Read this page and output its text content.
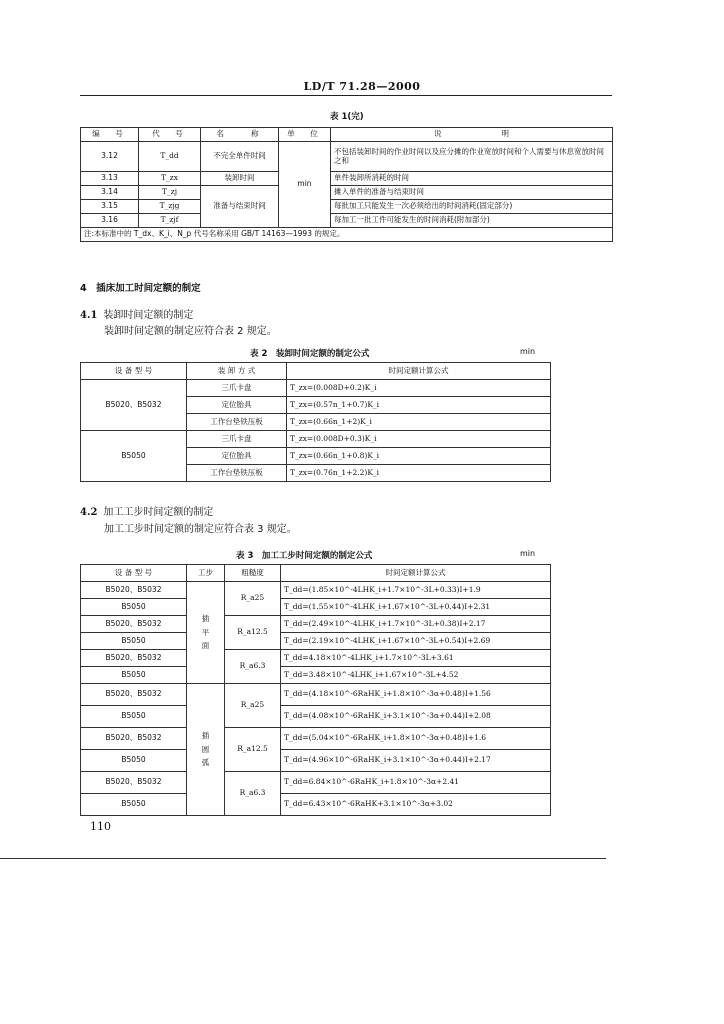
LD/T 71.28—2000
表 1(完)
编　号	代　号	名　　称	单　位	说　　　　　　　　明
3.12	T_dd	不完全单件时间	min	不包括装卸时间的作业时间以及应分摊的作业宽放时间和个人需要与休息宽放时间之和
3.13	T_zx	装卸时间		单件装卸所消耗的时间
3.14	T_zj	准备与结束时间		摊入单件的准备与结束时间
3.15	T_zjg			每批加工只能发生一次必须给出的时间消耗(固定部分)
3.16	T_zjf			每加工一批工件可能发生的时间消耗(附加部分)
注:本标准中的 T_dx、K_i、N_p 代号名称采用 GB/T 14163—1993 的规定。				
4　插床加工时间定额的制定
4.1 装卸时间定额的制定
装卸时间定额的制定应符合表 2 规定。
表 2　装卸时间定额的制定公式	min
设 备 型 号	装 卸 方 式	时间定额计算公式
B5020、B5032	三爪卡盘	T_zx=(0.008D+0.2)K_i
	定位胎具	T_zx=(0.57n_1+0.7)K_i
	工作台垫铁压板	T_zx=(0.66n_1+2)K_i
B5050	三爪卡盘	T_zx=(0.008D+0.3)K_i
	定位胎具	T_zx=(0.66n_1+0.8)K_i
	工作台垫铁压板	T_zx=(0.76n_1+2.2)K_i
4.2 加工工步时间定额的制定
加工工步时间定额的制定应符合表 3 规定。
表 3　加工工步时间定额的制定公式	min
设 备 型 号	工步	粗糙度	时间定额计算公式
B5020、B5032	插平面	R_a25	T_dd=(1.85×10^-4LHK_i+1.7×10^-3L+0.33)I+1.9
B5050			T_dd=(1.55×10^-4LHK_i+1.67×10^-3L+0.44)I+2.31
B5020、B5032		R_a12.5	T_dd=(2.49×10^-4LHK_i+1.7×10^-3L+0.38)I+2.17
B5050			T_dd=(2.19×10^-4LHK_i+1.67×10^-3L+0.54)I+2.69
B5020、B5032		R_a6.3	T_dd=4.18×10^-4LHK_i+1.7×10^-3L+3.61
B5050			T_dd=3.48×10^-4LHK_i+1.67×10^-3L+4.52
B5020、B5032	插圆弧	R_a25	T_dd=(4.18×10^-6RaHK_i+1.8×10^-3α+0.48)I+1.56
B5050			T_dd=(4.08×10^-6RaHK_i+3.1×10^-3α+0.44)I+2.08
B5020、B5032		R_a12.5	T_dd=(5.04×10^-6RaHK_i+1.8×10^-3α+0.48)I+1.6
B5050			T_dd=(4.96×10^-6RaHK_i+3.1×10^-3α+0.44)I+2.17
B5020、B5032		R_a6.3	T_dd=6.84×10^-6RaHK_i+1.8×10^-3α+2.41
B5050			T_dd=6.43×10^-6RaHK+3.1×10^-3α+3.02
110
